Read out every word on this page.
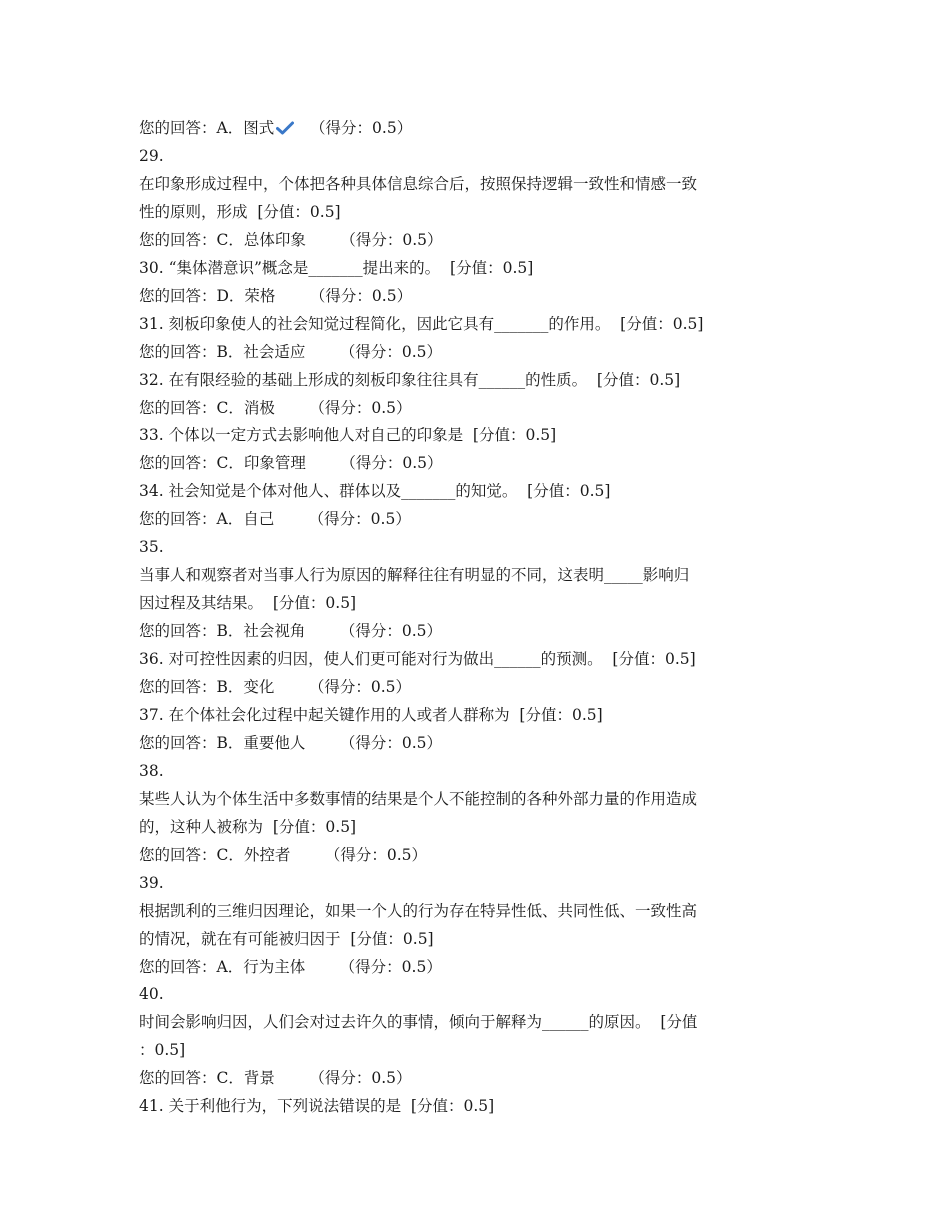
您的回答：A．图式  （得分：0.5）
29.
在印象形成过程中，个体把各种具体信息综合后，按照保持逻辑一致性和情感一致
性的原则，形成  [分值：0.5]
您的回答：C．总体印象       （得分：0.5）
30. “集体潜意识”概念是_______提出来的。  [分值：0.5]
您的回答：D．荣格       （得分：0.5）
31. 刻板印象使人的社会知觉过程简化，因此它具有_______的作用。  [分值：0.5]
您的回答：B．社会适应       （得分：0.5）
32. 在有限经验的基础上形成的刻板印象往往具有______的性质。  [分值：0.5]
您的回答：C．消极       （得分：0.5）
33. 个体以一定方式去影响他人对自己的印象是  [分值：0.5]
您的回答：C．印象管理       （得分：0.5）
34. 社会知觉是个体对他人、群体以及_______的知觉。  [分值：0.5]
您的回答：A．自己       （得分：0.5）
35.
当事人和观察者对当事人行为原因的解释往往有明显的不同，这表明_____影响归
因过程及其结果。  [分值：0.5]
您的回答：B．社会视角       （得分：0.5）
36. 对可控性因素的归因，使人们更可能对行为做出______的预测。  [分值：0.5]
您的回答：B．变化       （得分：0.5）
37. 在个体社会化过程中起关键作用的人或者人群称为  [分值：0.5]
您的回答：B．重要他人       （得分：0.5）
38.
某些人认为个体生活中多数事情的结果是个人不能控制的各种外部力量的作用造成
的，这种人被称为  [分值：0.5]
您的回答：C．外控者       （得分：0.5）
39.
根据凯利的三维归因理论，如果一个人的行为存在特异性低、共同性低、一致性高
的情况，就在有可能被归因于  [分值：0.5]
您的回答：A．行为主体       （得分：0.5）
40.
时间会影响归因，人们会对过去许久的事情，倾向于解释为______的原因。  [分值
：0.5]
您的回答：C．背景       （得分：0.5）
41. 关于利他行为，下列说法错误的是  [分值：0.5]
